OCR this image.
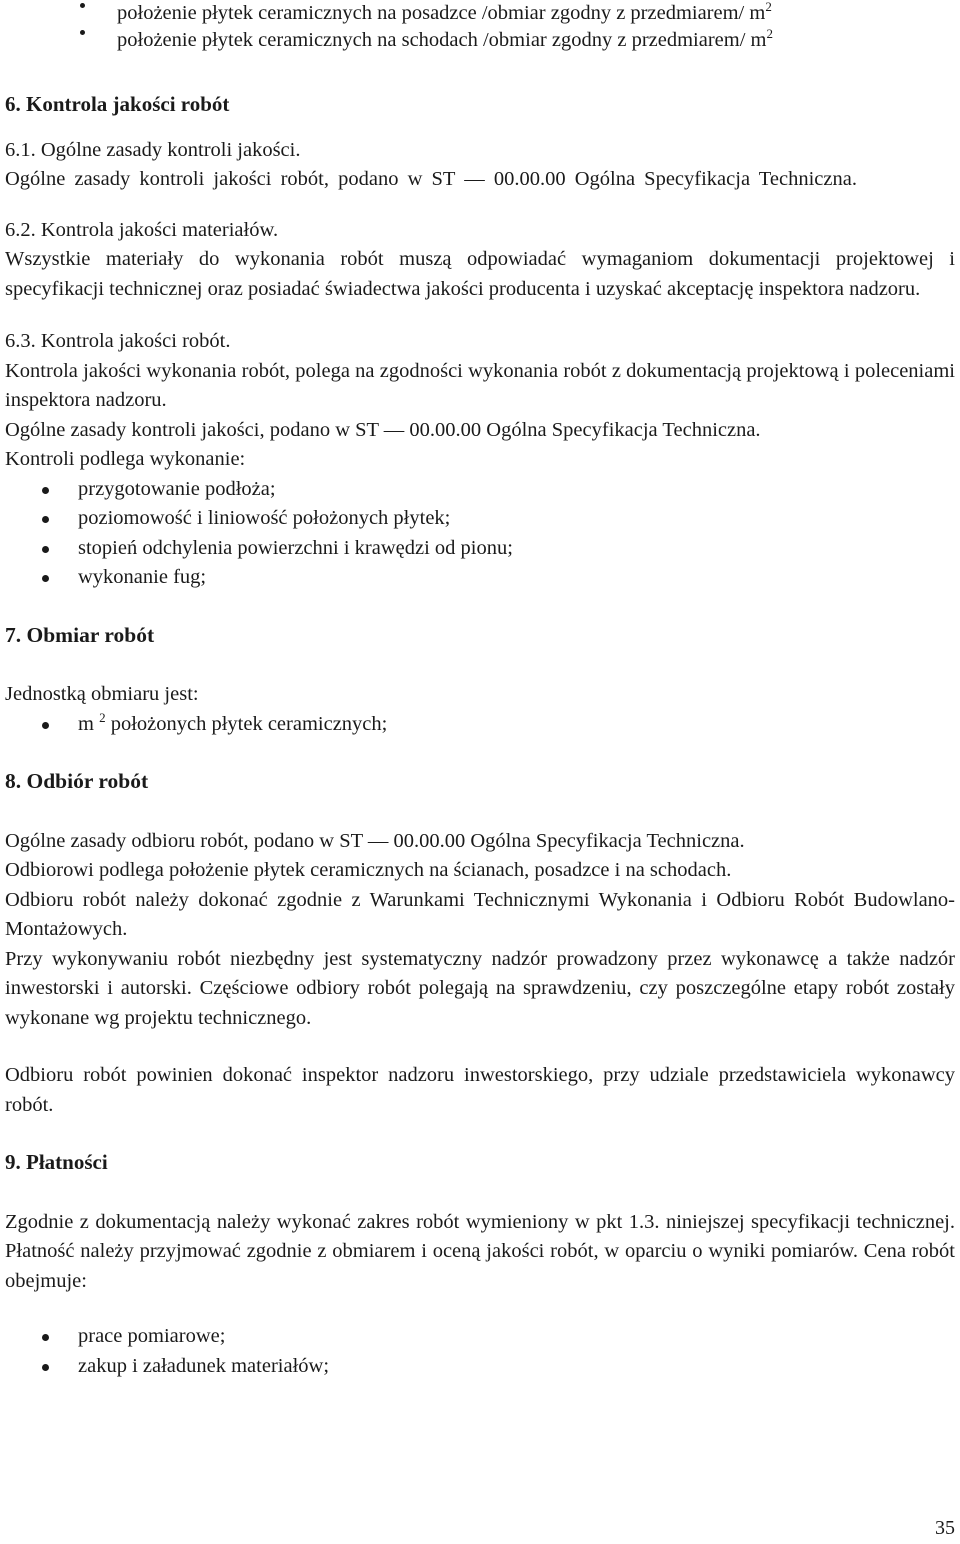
położenie płytek ceramicznych na posadzce /obmiar zgodny z przedmiarem/ $m^2$
położenie płytek ceramicznych na schodach /obmiar zgodny z przedmiarem/ $m^2$
6. Kontrola jakości robót

6.1. Ogólne zasady kontroli jakości.

Ogólne zasady kontroli jakości robót, podano w ST — 00.00.00 Ogólna Specyfikacja Techniczna.

6.2. Kontrola jakości materiałów.

Wszystkie materiały do wykonania robót muszą odpowiadać wymaganiom dokumentacji projektowej i specyfikacji technicznej oraz posiadać świadectwa jakości producenta i uzyskać akceptację inspektora nadzoru.

6.3. Kontrola jakości robót.

Kontrola jakości wykonania robót, polega na zgodności wykonania robót z dokumentacją projektową i poleceniami inspektora nadzoru.

Ogólne zasady kontroli jakości, podano w ST — 00.00.00 Ogólna Specyfikacja Techniczna.

Kontroli podlega wykonanie:

przygotowanie podłoża;
poziomowość i liniowość położonych płytek;
stopień odchylenia powierzchni i krawędzi od pionu;
wykonanie fug;
7. Obmiar robót

Jednostką obmiaru jest:

m $^2$ położonych płytek ceramicznych;
8. Odbiór robót

Ogólne zasady odbioru robót, podano w ST — 00.00.00 Ogólna Specyfikacja Techniczna.

Odbiorowi podlega położenie płytek ceramicznych na ścianach, posadzce i na schodach.

Odbioru robót należy dokonać zgodnie z Warunkami Technicznymi Wykonania i Odbioru Robót Budowlano-Montażowych.

Przy wykonywaniu robót niezbędny jest systematyczny nadzór prowadzony przez wykonawcę a także nadzór inwestorski i autorski. Częściowe odbiory robót polegają na sprawdzeniu, czy poszczególne etapy robót zostały wykonane wg projektu technicznego.

Odbioru robót powinien dokonać inspektor nadzoru inwestorskiego, przy udziale przedstawiciela wykonawcy robót.

9. Płatności

Zgodnie z dokumentacją należy wykonać zakres robót wymieniony w pkt 1.3. niniejszej specyfikacji technicznej. Płatność należy przyjmować zgodnie z obmiarem i oceną jakości robót, w oparciu o wyniki pomiarów. Cena robót obejmuje:

prace pomiarowe;
zakup i załadunek materiałów;
35
